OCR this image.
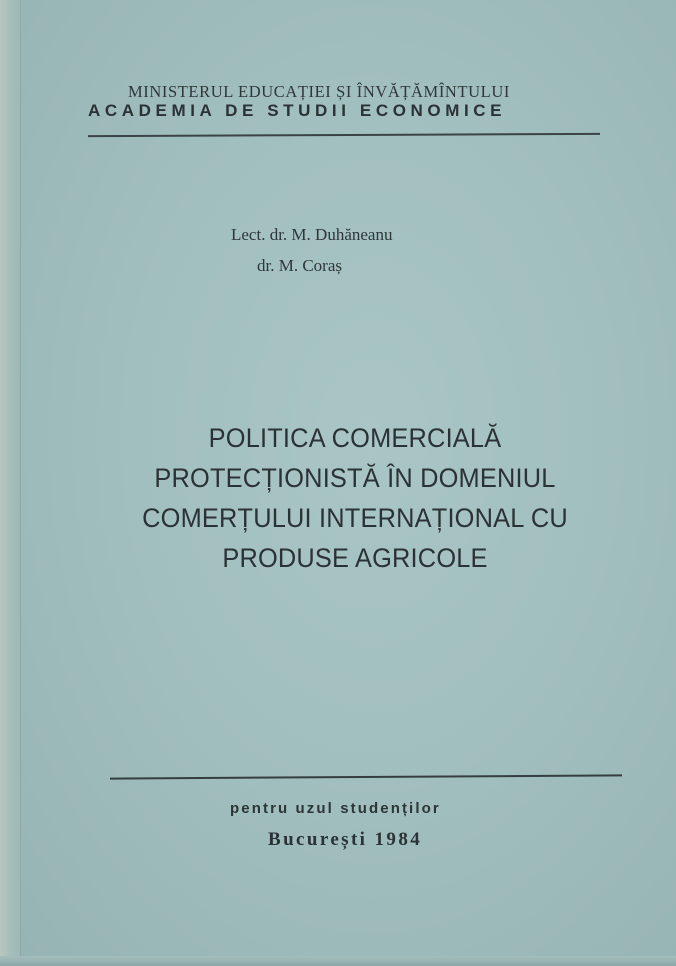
MINISTERUL EDUCAȚIEI ȘI ÎNVĂȚĂMÎNTULUI
ACADEMIA DE STUDII ECONOMICE
Lect. dr. M. Duhăneanu
dr. M. Coraș
POLITICA COMERCIALĂ
PROTECȚIONISTĂ ÎN DOMENIUL
COMERȚULUI INTERNAȚIONAL CU
PRODUSE AGRICOLE
pentru uzul studenților
București 1984
